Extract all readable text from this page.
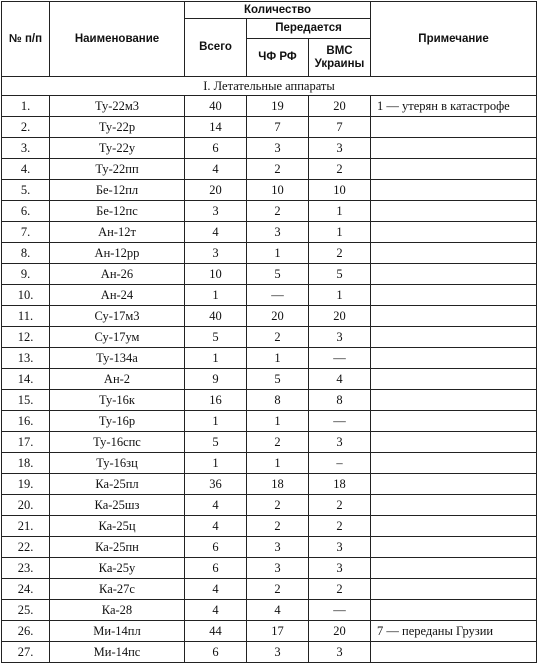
№ п/п	Наименование	Количество			Примечание
		Всего	Передается		
			ЧФ РФ	ВМС Украины	
I. Летательные аппараты					
1.	Ту-22м3	40	19	20	1 — утерян в катастрофе
2.	Ту-22р	14	7	7	
3.	Ту-22у	6	3	3	
4.	Ту-22пп	4	2	2	
5.	Бе-12пл	20	10	10	
6.	Бе-12пс	3	2	1	
7.	Ан-12т	4	3	1	
8.	Ан-12рр	3	1	2	
9.	Ан-26	10	5	5	
10.	Ан-24	1	—	1	
11.	Су-17м3	40	20	20	
12.	Су-17ум	5	2	3	
13.	Ту-134а	1	1	—	
14.	Ан-2	9	5	4	
15.	Ту-16к	16	8	8	
16.	Ту-16р	1	1	—	
17.	Ту-16спс	5	2	3	
18.	Ту-16зц	1	1	–	
19.	Ка-25пл	36	18	18	
20.	Ка-25шз	4	2	2	
21.	Ка-25ц	4	2	2	
22.	Ка-25пн	6	3	3	
23.	Ка-25у	6	3	3	
24.	Ка-27с	4	2	2	
25.	Ка-28	4	4	—	
26.	Ми-14пл	44	17	20	7 — переданы Грузии
27.	Ми-14пс	6	3	3	
